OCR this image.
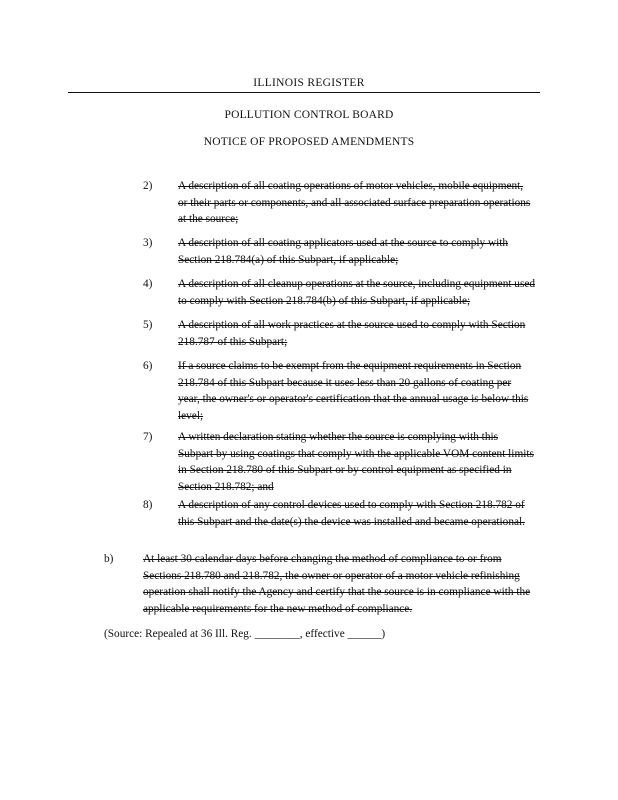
ILLINOIS REGISTER
POLLUTION CONTROL BOARD
NOTICE OF PROPOSED AMENDMENTS
2) A description of all coating operations of motor vehicles, mobile equipment, or their parts or components, and all associated surface preparation operations at the source;
3) A description of all coating applicators used at the source to comply with Section 218.784(a) of this Subpart, if applicable;
4) A description of all cleanup operations at the source, including equipment used to comply with Section 218.784(b) of this Subpart, if applicable;
5) A description of all work practices at the source used to comply with Section 218.787 of this Subpart;
6) If a source claims to be exempt from the equipment requirements in Section 218.784 of this Subpart because it uses less than 20 gallons of coating per year, the owner's or operator's certification that the annual usage is below this level;
7) A written declaration stating whether the source is complying with this Subpart by using coatings that comply with the applicable VOM content limits in Section 218.780 of this Subpart or by control equipment as specified in Section 218.782; and
8) A description of any control devices used to comply with Section 218.782 of this Subpart and the date(s) the device was installed and became operational.
b)	At least 30 calendar days before changing the method of compliance to or from Sections 218.780 and 218.782, the owner or operator of a motor vehicle refinishing operation shall notify the Agency and certify that the source is in compliance with the applicable requirements for the new method of compliance.
(Source: Repealed at 36 Ill. Reg. ________, effective ______)
